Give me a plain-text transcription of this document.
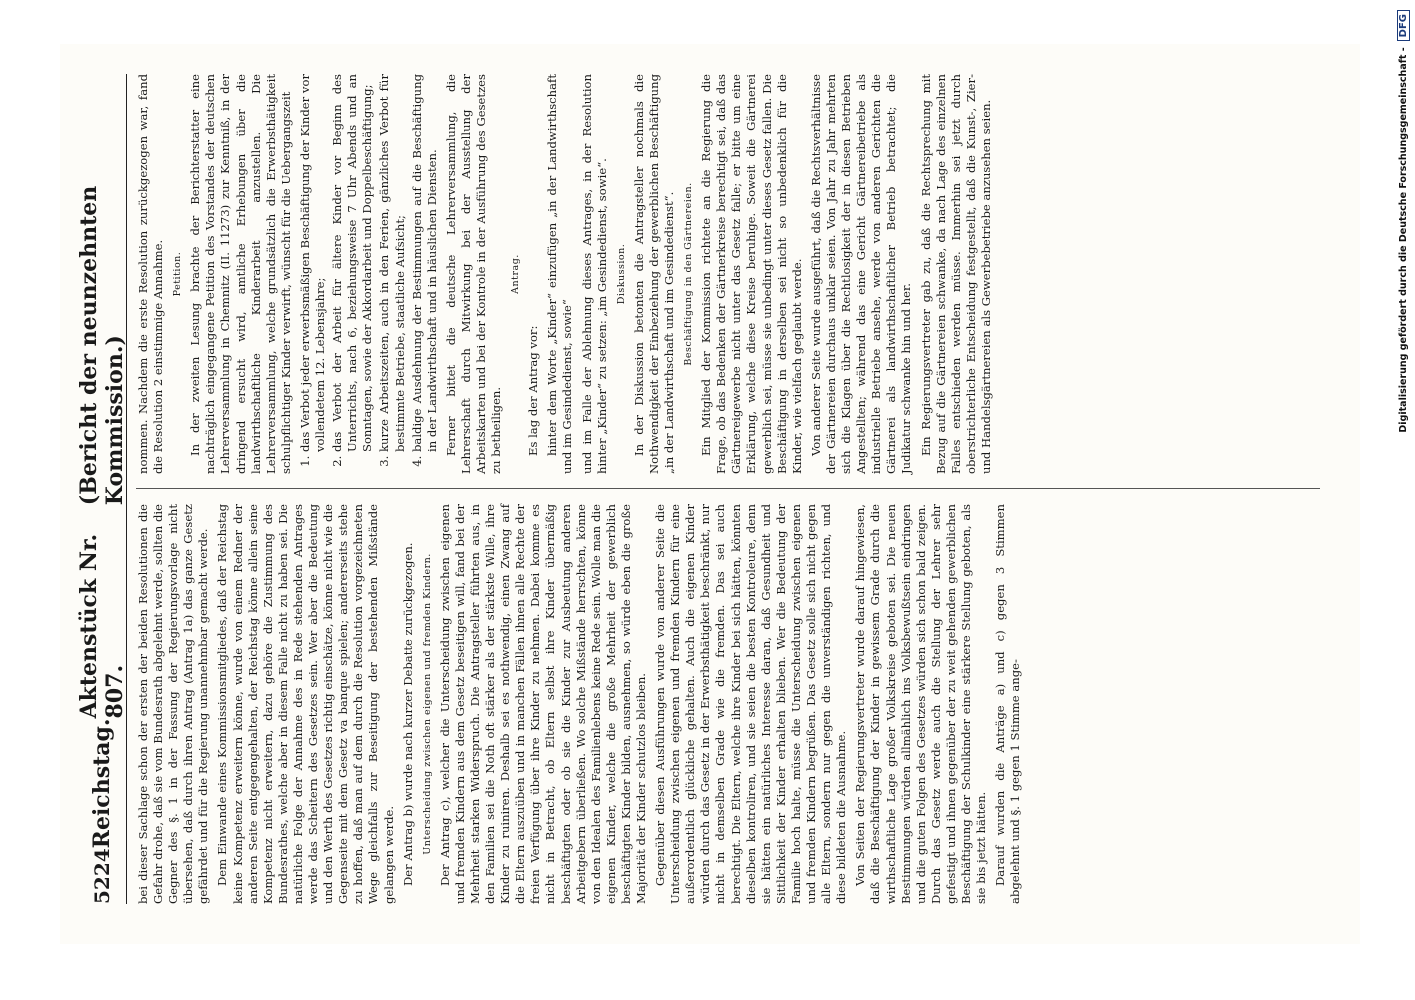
5224
Reichstag.
Aktenstück Nr. 807.
(Bericht der neunzehnten Kommission.)

bei dieser Sachlage schon der ersten der beiden Resolutionen die Gefahr drohe, daß sie vom Bundesrath abgelehnt werde, sollten die Gegner des §. 1 in der Fassung der Regierungsvorlage nicht übersehen, daß durch ihren Antrag (Antrag 1a) das ganze Gesetz gefährdet und für die Regierung unannehmbar gemacht werde. Dem Einwande eines Kommissionsmitgliedes, daß der Reichstag keine Kompetenz erweitern könne, wurde von einem Redner der anderen Seite entgegengehalten, der Reichstag könne allein seine Kompetenz nicht erweitern, dazu gehöre die Zustimmung des Bundesrathes, welche aber in diesem Falle nicht zu haben sei. Die natürliche Folge der Annahme des in Rede stehenden Antrages werde das Scheitern des Gesetzes sein. Wer aber die Bedeutung und den Werth des Gesetzes richtig einschätze, könne nicht wie die Gegenseite mit dem Gesetz va banque spielen; andererseits stehe zu hoffen, daß man auf dem durch die Resolution vorgezeichneten Wege gleichfalls zur Beseitigung der bestehenden Mißstände gelangen werde. Der Antrag b) wurde nach kurzer Debatte zurückgezogen. Unterscheidung zwischen eigenen und fremden Kindern. Der Antrag c), welcher die Unterscheidung zwischen eigenen und fremden Kindern aus dem Gesetz beseitigen will, fand bei der Mehrheit starken Widerspruch. Die Antragsteller führten aus, in den Familien sei die Noth oft stärker als der stärkste Wille, ihre Kinder zu ruiniren. Deshalb sei es nothwendig, einen Zwang auf die Eltern auszuüben und in manchen Fällen ihnen alle Rechte der freien Verfügung über ihre Kinder zu nehmen. Dabei komme es nicht in Betracht, ob Eltern selbst ihre Kinder übermäßig beschäftigten oder ob sie die Kinder zur Ausbeutung anderen Arbeitgebern überließen. Wo solche Mißstände herrschten, könne von den Idealen des Familienlebens keine Rede sein. Wolle man die eigenen Kinder, welche die große Mehrheit der gewerblich beschäftigten Kinder bilden, ausnehmen, so würde eben die große Majorität der Kinder schutzlos bleiben. Gegenüber diesen Ausführungen wurde von anderer Seite die Unterscheidung zwischen eigenen und fremden Kindern für eine außerordentlich glückliche gehalten. Auch die eigenen Kinder würden durch das Gesetz in der Erwerbsthätigkeit beschränkt, nur nicht in demselben Grade wie die fremden. Das sei auch berechtigt. Die Eltern, welche ihre Kinder bei sich hätten, könnten dieselben kontroliren, und sie seien die besten Kontroleure, denn sie hätten ein natürliches Interesse daran, daß Gesundheit und Sittlichkeit der Kinder erhalten blieben. Wer die Bedeutung der Familie hoch halte, müsse die Unterscheidung zwischen eigenen und fremden Kindern begrüßen. Das Gesetz solle sich nicht gegen alle Eltern, sondern nur gegen die unverständigen richten, und diese bildeten die Ausnahme. Von Seiten der Regierungsvertreter wurde darauf hingewiesen, daß die Beschäftigung der Kinder in gewissem Grade durch die wirthschaftliche Lage großer Volkskreise geboten sei. Die neuen Bestimmungen würden allmählich ins Volksbewußtsein eindringen und die guten Folgen des Gesetzes würden sich schon bald zeigen. Durch das Gesetz werde auch die Stellung der Lehrer sehr gefestigt und ihnen gegenüber der zu weit gehenden gewerblichen Beschäftigung der Schulkinder eine stärkere Stellung geboten, als sie bis jetzt hätten. Darauf wurden die Anträge a) und c) gegen 3 Stimmen abgelehnt und §. 1 gegen 1 Stimme ange-

nommen. Nachdem die erste Resolution zurückgezogen war, fand die Resolution 2 einstimmige Annahme. Petition. In der zweiten Lesung brachte der Berichterstatter eine nachträglich eingegangene Petition des Vorstandes der deutschen Lehrerversammlung in Chemnitz (II. 11273) zur Kenntniß, in der dringend ersucht wird, amtliche Erhebungen über die landwirthschaftliche Kinderarbeit anzustellen. Die Lehrerversammlung, welche grundsätzlich die Erwerbsthätigkeit schulpflichtiger Kinder verwirft, wünscht für die Uebergangszeit 1. das Verbot jeder erwerbsmäßigen Beschäftigung der Kinder vor vollendetem 12. Lebensjahre; 2. das Verbot der Arbeit für ältere Kinder vor Beginn des Unterrichts, nach 6, beziehungsweise 7 Uhr Abends und an Sonntagen, sowie der Akkordarbeit und Doppelbeschäftigung; 3. kurze Arbeitszeiten, auch in den Ferien, gänzliches Verbot für bestimmte Betriebe, staatliche Aufsicht; 4. baldige Ausdehnung der Bestimmungen auf die Beschäftigung in der Landwirthschaft und in häuslichen Diensten. Ferner bittet die deutsche Lehrerversammlung, die Lehrerschaft durch Mitwirkung bei der Ausstellung der Arbeitskarten und bei der Kontrole in der Ausführung des Gesetzes zu betheiligen.

Antrag.

Es lag der Antrag vor: hinter dem Worte „Kinder“ einzufügen „in der Landwirthschaft und im Gesindedienst, sowie“ und im Falle der Ablehnung dieses Antrages, in der Resolution hinter „Kinder“ zu setzen: „im Gesindedienst, sowie“. Diskussion. In der Diskussion betonten die Antragsteller nochmals die Nothwendigkeit der Einbeziehung der gewerblichen Beschäftigung „in der Landwirthschaft und im Gesindedienst“. Beschäftigung in den Gärtnereien. Ein Mitglied der Kommission richtete an die Regierung die Frage, ob das Bedenken der Gärtnerkreise berechtigt sei, daß das Gärtnereigewerbe nicht unter das Gesetz falle; er bitte um eine Erklärung, welche diese Kreise beruhige. Soweit die Gärtnerei gewerblich sei, müsse sie unbedingt unter dieses Gesetz fallen. Die Beschäftigung in derselben sei nicht so unbedenklich für die Kinder, wie vielfach geglaubt werde. Von anderer Seite wurde ausgeführt, daß die Rechtsverhältnisse der Gärtnereien durchaus unklar seien. Von Jahr zu Jahr mehrten sich die Klagen über die Rechtlosigkeit der in diesen Betrieben Angestellten; während das eine Gericht Gärtnereibetriebe als industrielle Betriebe ansehe, werde von anderen Gerichten die Gärtnerei als landwirthschaftlicher Betrieb betrachtet; die Judikatur schwanke hin und her. Ein Regierungsvertreter gab zu, daß die Rechtsprechung mit Bezug auf die Gärtnereien schwanke, da nach Lage des einzelnen Falles entschieden werden müsse. Immerhin sei jetzt durch oberstrichterliche Entscheidung festgestellt, daß die Kunst-, Zier- und Handelsgärtnereien als Gewerbebetriebe anzusehen seien.	Digitalisierung gefördert durch die Deutsche Forschungsgemeinschaft -
DFG
